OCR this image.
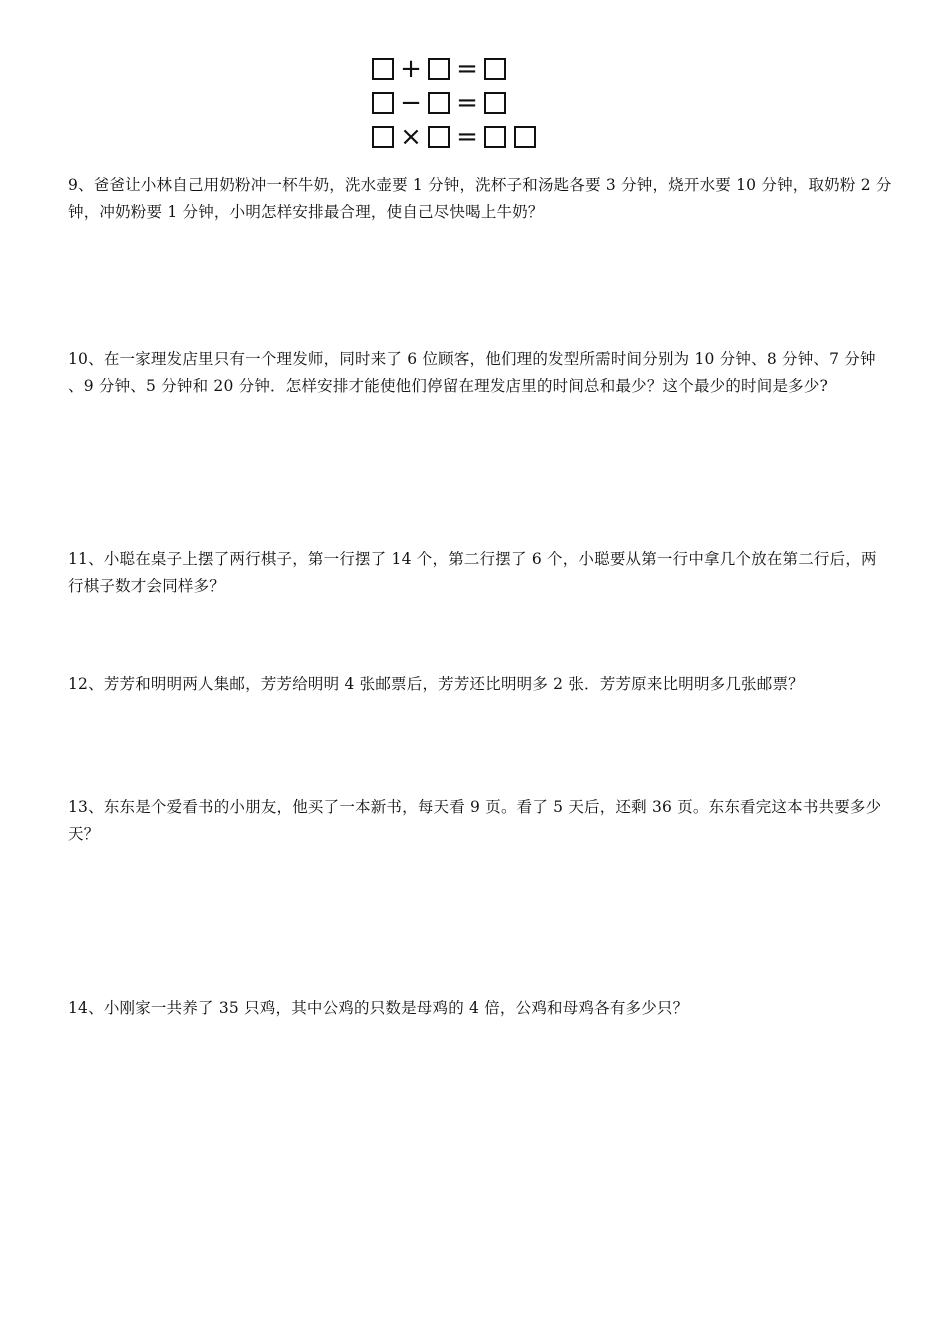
+ =
− =
× =

9、爸爸让小林自己用奶粉冲一杯牛奶，洗水壶要 1 分钟，洗杯子和汤匙各要 3 分钟，烧开水要 10 分钟，取奶粉 2 分钟，冲奶粉要 1 分钟，小明怎样安排最合理，使自己尽快喝上牛奶？

10、在一家理发店里只有一个理发师，同时来了 6 位顾客，他们理的发型所需时间分别为 10 分钟、8 分钟、7 分钟 、9 分钟、5 分钟和 20 分钟．怎样安排才能使他们停留在理发店里的时间总和最少？这个最少的时间是多少?

11、小聪在桌子上摆了两行棋子，第一行摆了 14 个，第二行摆了 6 个，小聪要从第一行中拿几个放在第二行后，两行棋子数才会同样多？

12、芳芳和明明两人集邮，芳芳给明明 4 张邮票后，芳芳还比明明多 2 张．芳芳原来比明明多几张邮票？

13、东东是个爱看书的小朋友，他买了一本新书，每天看 9 页。看了 5 天后，还剩 36 页。东东看完这本书共要多少天？

14、小刚家一共养了 35 只鸡，其中公鸡的只数是母鸡的 4 倍，公鸡和母鸡各有多少只？
